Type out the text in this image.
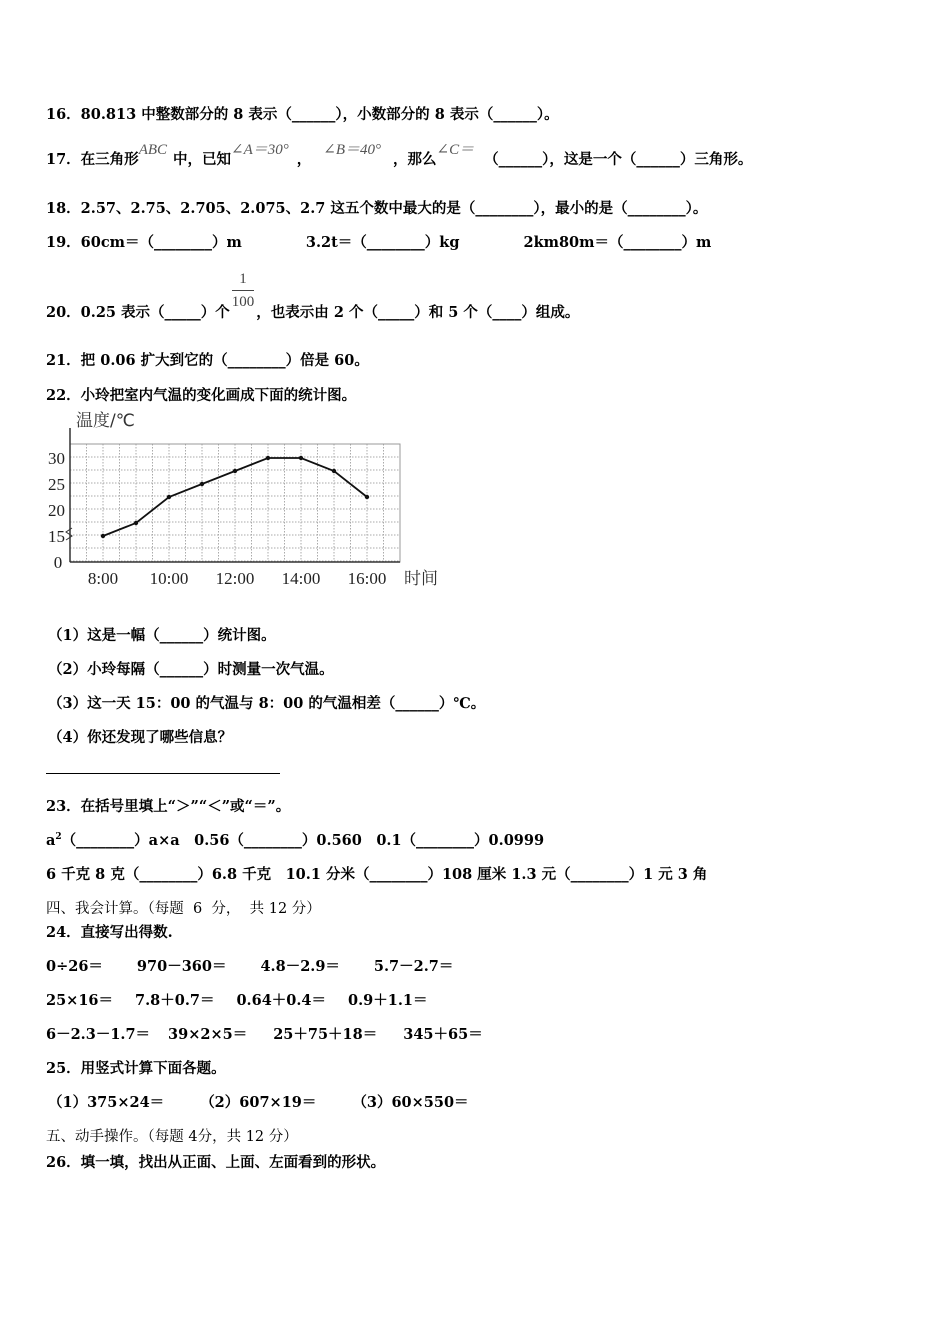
16．80.813 中整数部分的 8 表示（______），小数部分的 8 表示（______）。
17．在三角形ABC中，已知∠A＝30°，∠B＝40°，那么∠C＝（______），这是一个（______）三角形。
18．2.57、2.75、2.705、2.075、2.7 这五个数中最大的是（________），最小的是（________）。
19．60cm＝（________）m	3.2t＝（________）kg	2km80m＝（________）m
20．0.25 表示（_____）个 $\frac{1}{100}$ ，也表示由 2 个（_____）和 5 个（____）组成。
21．把 0.06 扩大到它的（________）倍是 60。
22．小玲把室内气温的变化画成下面的统计图。
15
20
25
30
0
8:00 10:00 12:00 14:00 16:00
温度/℃
时间
（1）这是一幅（______）统计图。
（2）小玲每隔（______）时测量一次气温。
（3）这一天 15：00 的气温与 8：00 的气温相差（______）℃。
（4）你还发现了哪些信息？
23．在括号里填上“＞”“＜”或“＝”。
$a^2(\_\_\_\_\_\_\_\_)a\times a$　0.56（________）0.560　0.1（________）0.0999
6 千克 8 克（________）6.8 千克　10.1 分米（________）108 厘米 1.3 元（________）1 元 3 角
四、我会计算。（每题  6  分，  共 12 分）
24．直接写出得数.
0÷26＝ 970－360＝ 4.8－2.9＝ 5.7－2.7＝
25×16＝ 7.8＋0.7＝ 0.64＋0.4＝ 0.9＋1.1＝
6－2.3－1.7＝ 39×2×5＝ 25＋75＋18＝ 345＋65＝
25．用竖式计算下面各题。
（1）375×24＝ （2）607×19＝ （3）60×550＝
五、动手操作。（每题 4分，共 12 分）
26．填一填，找出从正面、上面、左面看到的形状。
